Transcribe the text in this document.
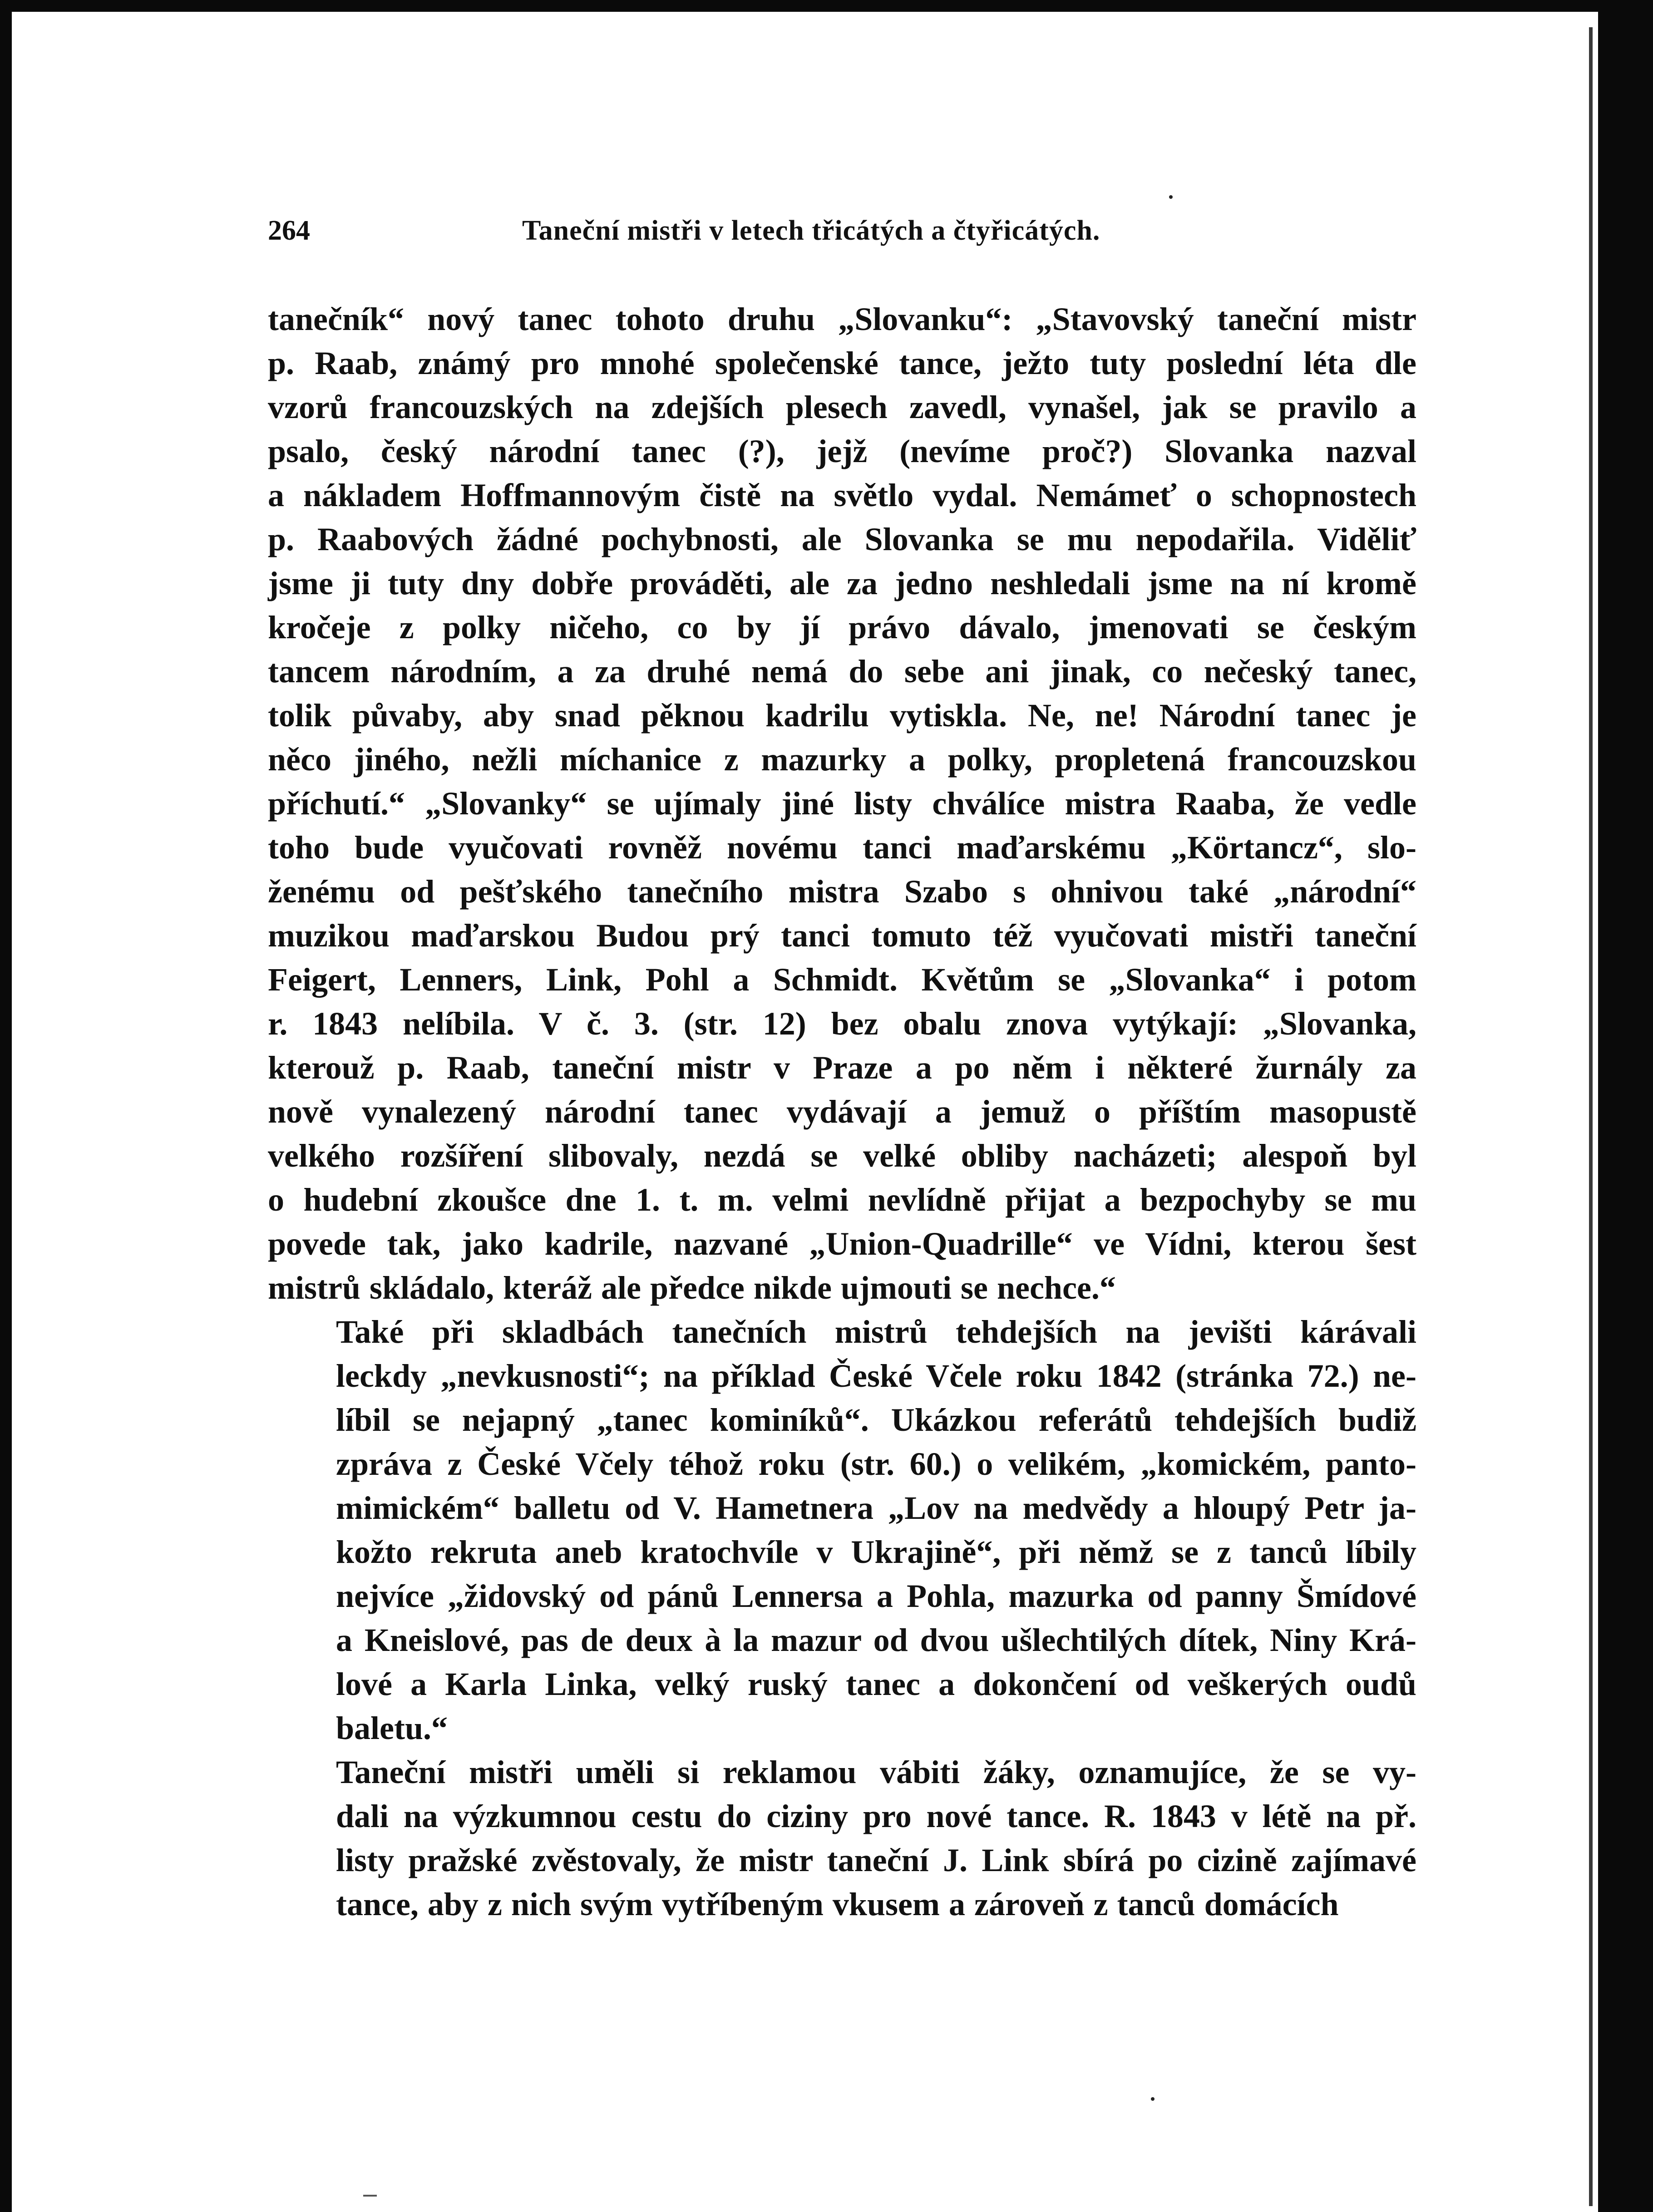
264	Taneční mistři v letech třicátých a čtyřicátých.

tanečník“ nový tanec tohoto druhu „Slovanku“: „Stavovský taneční mistr
p. Raab, známý pro mnohé společenské tance, ježto tuty poslední léta dle
vzorů francouzských na zdejších plesech zavedl, vynašel, jak se pravilo a
psalo, český národní tanec (?), jejž (nevíme proč?) Slovanka nazval
a nákladem Hoffmannovým čistě na světlo vydal. Nemámeť o schopnostech
p. Raabových žádné pochybnosti, ale Slovanka se mu nepodařila. Viděliť
jsme ji tuty dny dobře prováděti, ale za jedno neshledali jsme na ní kromě
kročeje z polky ničeho, co by jí právo dávalo, jmenovati se českým
tancem národním, a za druhé nemá do sebe ani jinak, co nečeský tanec,
tolik půvaby, aby snad pěknou kadrilu vytiskla. Ne, ne! Národní tanec je
něco jiného, nežli míchanice z mazurky a polky, propletená francouzskou
příchutí.“ „Slovanky“ se ujímaly jiné listy chválíce mistra Raaba, že vedle
toho bude vyučovati rovněž novému tanci maďarskému „Körtancz“, slo-
ženému od pešťského tanečního mistra Szabo s ohnivou také „národní“
muzikou maďarskou Budou prý tanci tomuto též vyučovati mistři taneční
Feigert, Lenners, Link, Pohl a Schmidt. Květům se „Slovanka“ i potom
r. 1843 nelíbila. V č. 3. (str. 12) bez obalu znova vytýkají: „Slovanka,
kterouž p. Raab, taneční mistr v Praze a po něm i některé žurnály za
nově vynalezený národní tanec vydávají a jemuž o příštím masopustě
velkého rozšíření slibovaly, nezdá se velké obliby nacházeti; alespoň byl
o hudební zkoušce dne 1. t. m. velmi nevlídně přijat a bezpochyby se mu
povede tak, jako kadrile, nazvané „Union-Quadrille“ ve Vídni, kterou šest
mistrů skládalo, kteráž ale předce nikde ujmouti se nechce.“

Také při skladbách tanečních mistrů tehdejších na jevišti kárávali
leckdy „nevkusnosti“; na příklad České Včele roku 1842 (stránka 72.) ne-
líbil se nejapný „tanec kominíků“. Ukázkou referátů tehdejších budiž
zpráva z České Včely téhož roku (str. 60.) o velikém, „komickém, panto-
mimickém“ balletu od V. Hametnera „Lov na medvědy a hloupý Petr ja-
kožto rekruta aneb kratochvíle v Ukrajině“, při němž se z tanců líbily
nejvíce „židovský od pánů Lennersa a Pohla, mazurka od panny Šmídové
a Kneislové, pas de deux à la mazur od dvou ušlechtilých dítek, Niny Krá-
lové a Karla Linka, velký ruský tanec a dokončení od veškerých oudů
baletu.“

Taneční mistři uměli si reklamou vábiti žáky, oznamujíce, že se vy-
dali na výzkumnou cestu do ciziny pro nové tance. R. 1843 v létě na př.
listy pražské zvěstovaly, že mistr taneční J. Link sbírá po cizině zajímavé
tance, aby z nich svým vytříbeným vkusem a zároveň z tanců domácích
